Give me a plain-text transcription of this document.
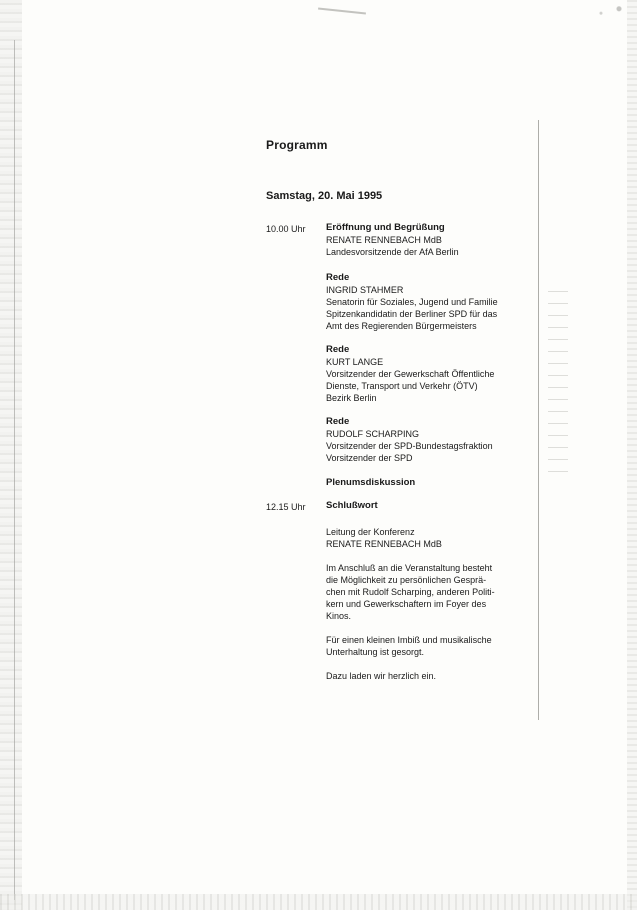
Programm
Samstag, 20. Mai 1995
10.00 Uhr Eröffnung und Begrüßung
RENATE RENNEBACH MdB
Landesvorsitzende der AfA Berlin
Rede
INGRID STAHMER
Senatorin für Soziales, Jugend und Familie
Spitzenkandidatin der Berliner SPD für das
Amt des Regierenden Bürgermeisters
Rede
KURT LANGE
Vorsitzender der Gewerkschaft Öffentliche
Dienste, Transport und Verkehr (ÖTV)
Bezirk Berlin
Rede
RUDOLF SCHARPING
Vorsitzender der SPD-Bundestagsfraktion
Vorsitzender der SPD
Plenumsdiskussion
12.15 Uhr Schlußwort
Leitung der Konferenz
RENATE RENNEBACH MdB
Im Anschluß an die Veranstaltung besteht
die Möglichkeit zu persönlichen Gesprä-
chen mit Rudolf Scharping, anderen Politi-
kern und Gewerkschaftern im Foyer des
Kinos.
Für einen kleinen Imbiß und musikalische
Unterhaltung ist gesorgt.
Dazu laden wir herzlich ein.
